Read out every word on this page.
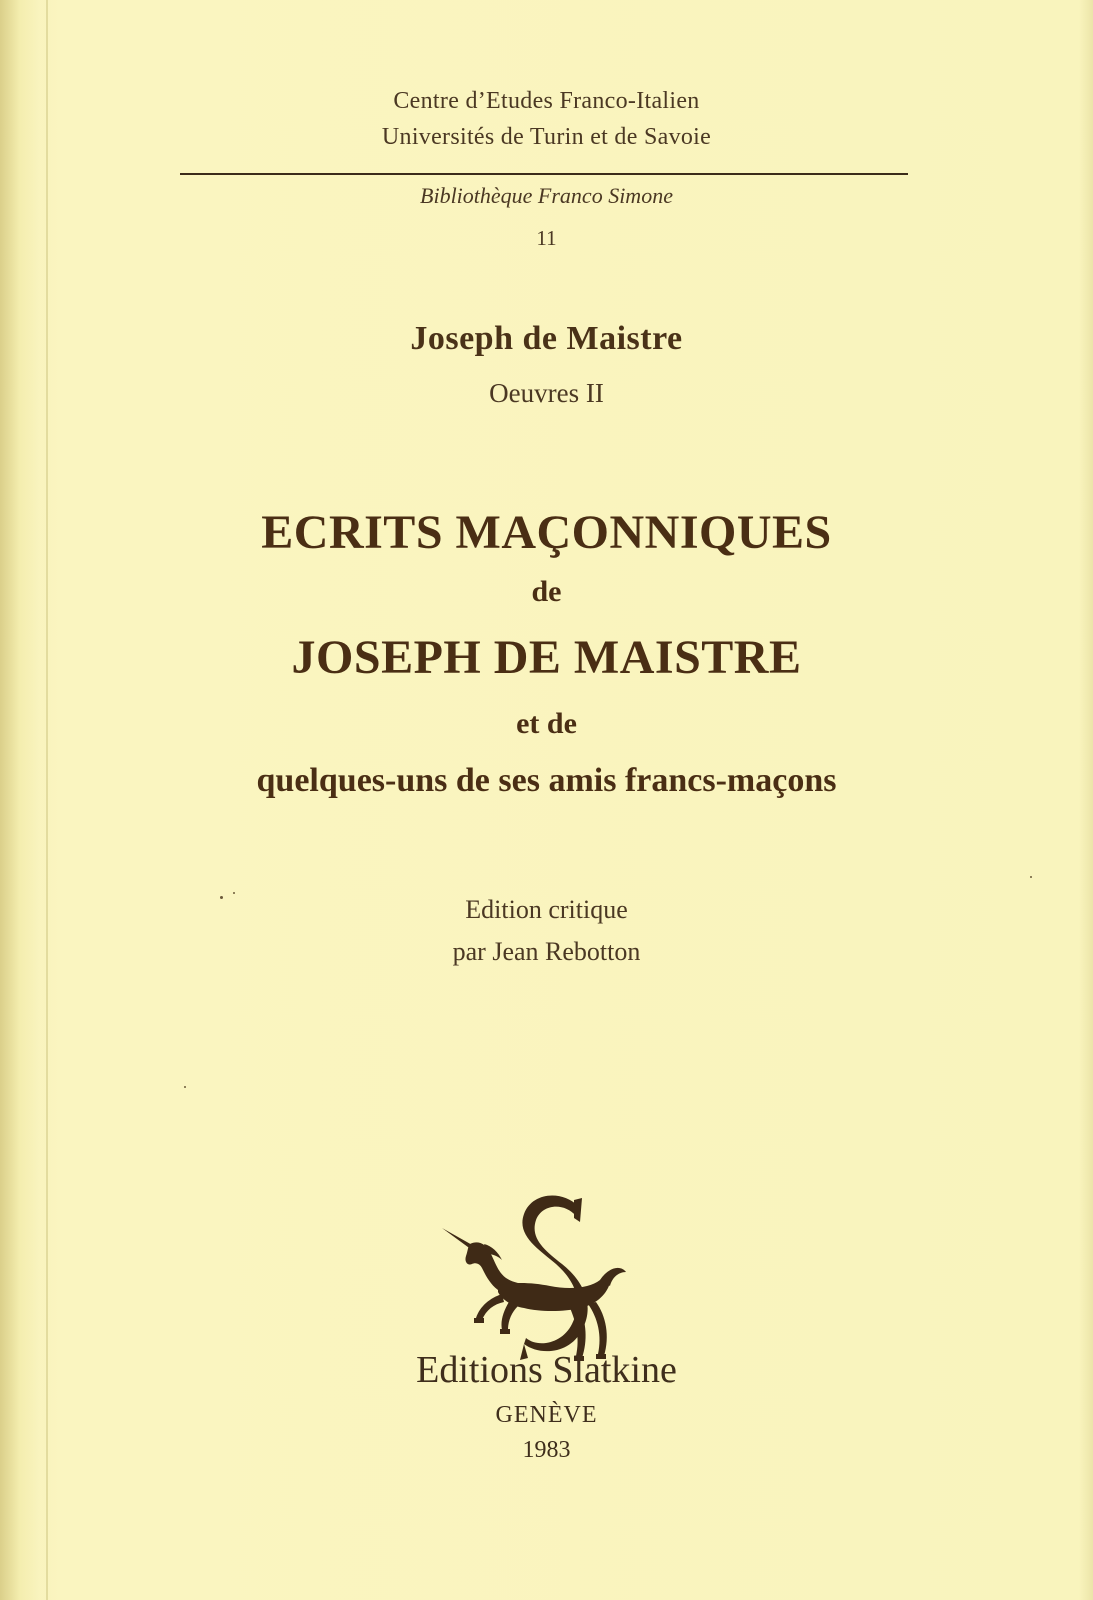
Centre d’Etudes Franco-Italien
Universités de Turin et de Savoie
Bibliothèque Franco Simone
11
Joseph de Maistre
Oeuvres II
ECRITS MAÇONNIQUES
de
JOSEPH DE MAISTRE
et de
quelques-uns de ses amis francs-maçons
Edition critique
par Jean Rebotton
Editions Slatkine
GENÈVE
1983
